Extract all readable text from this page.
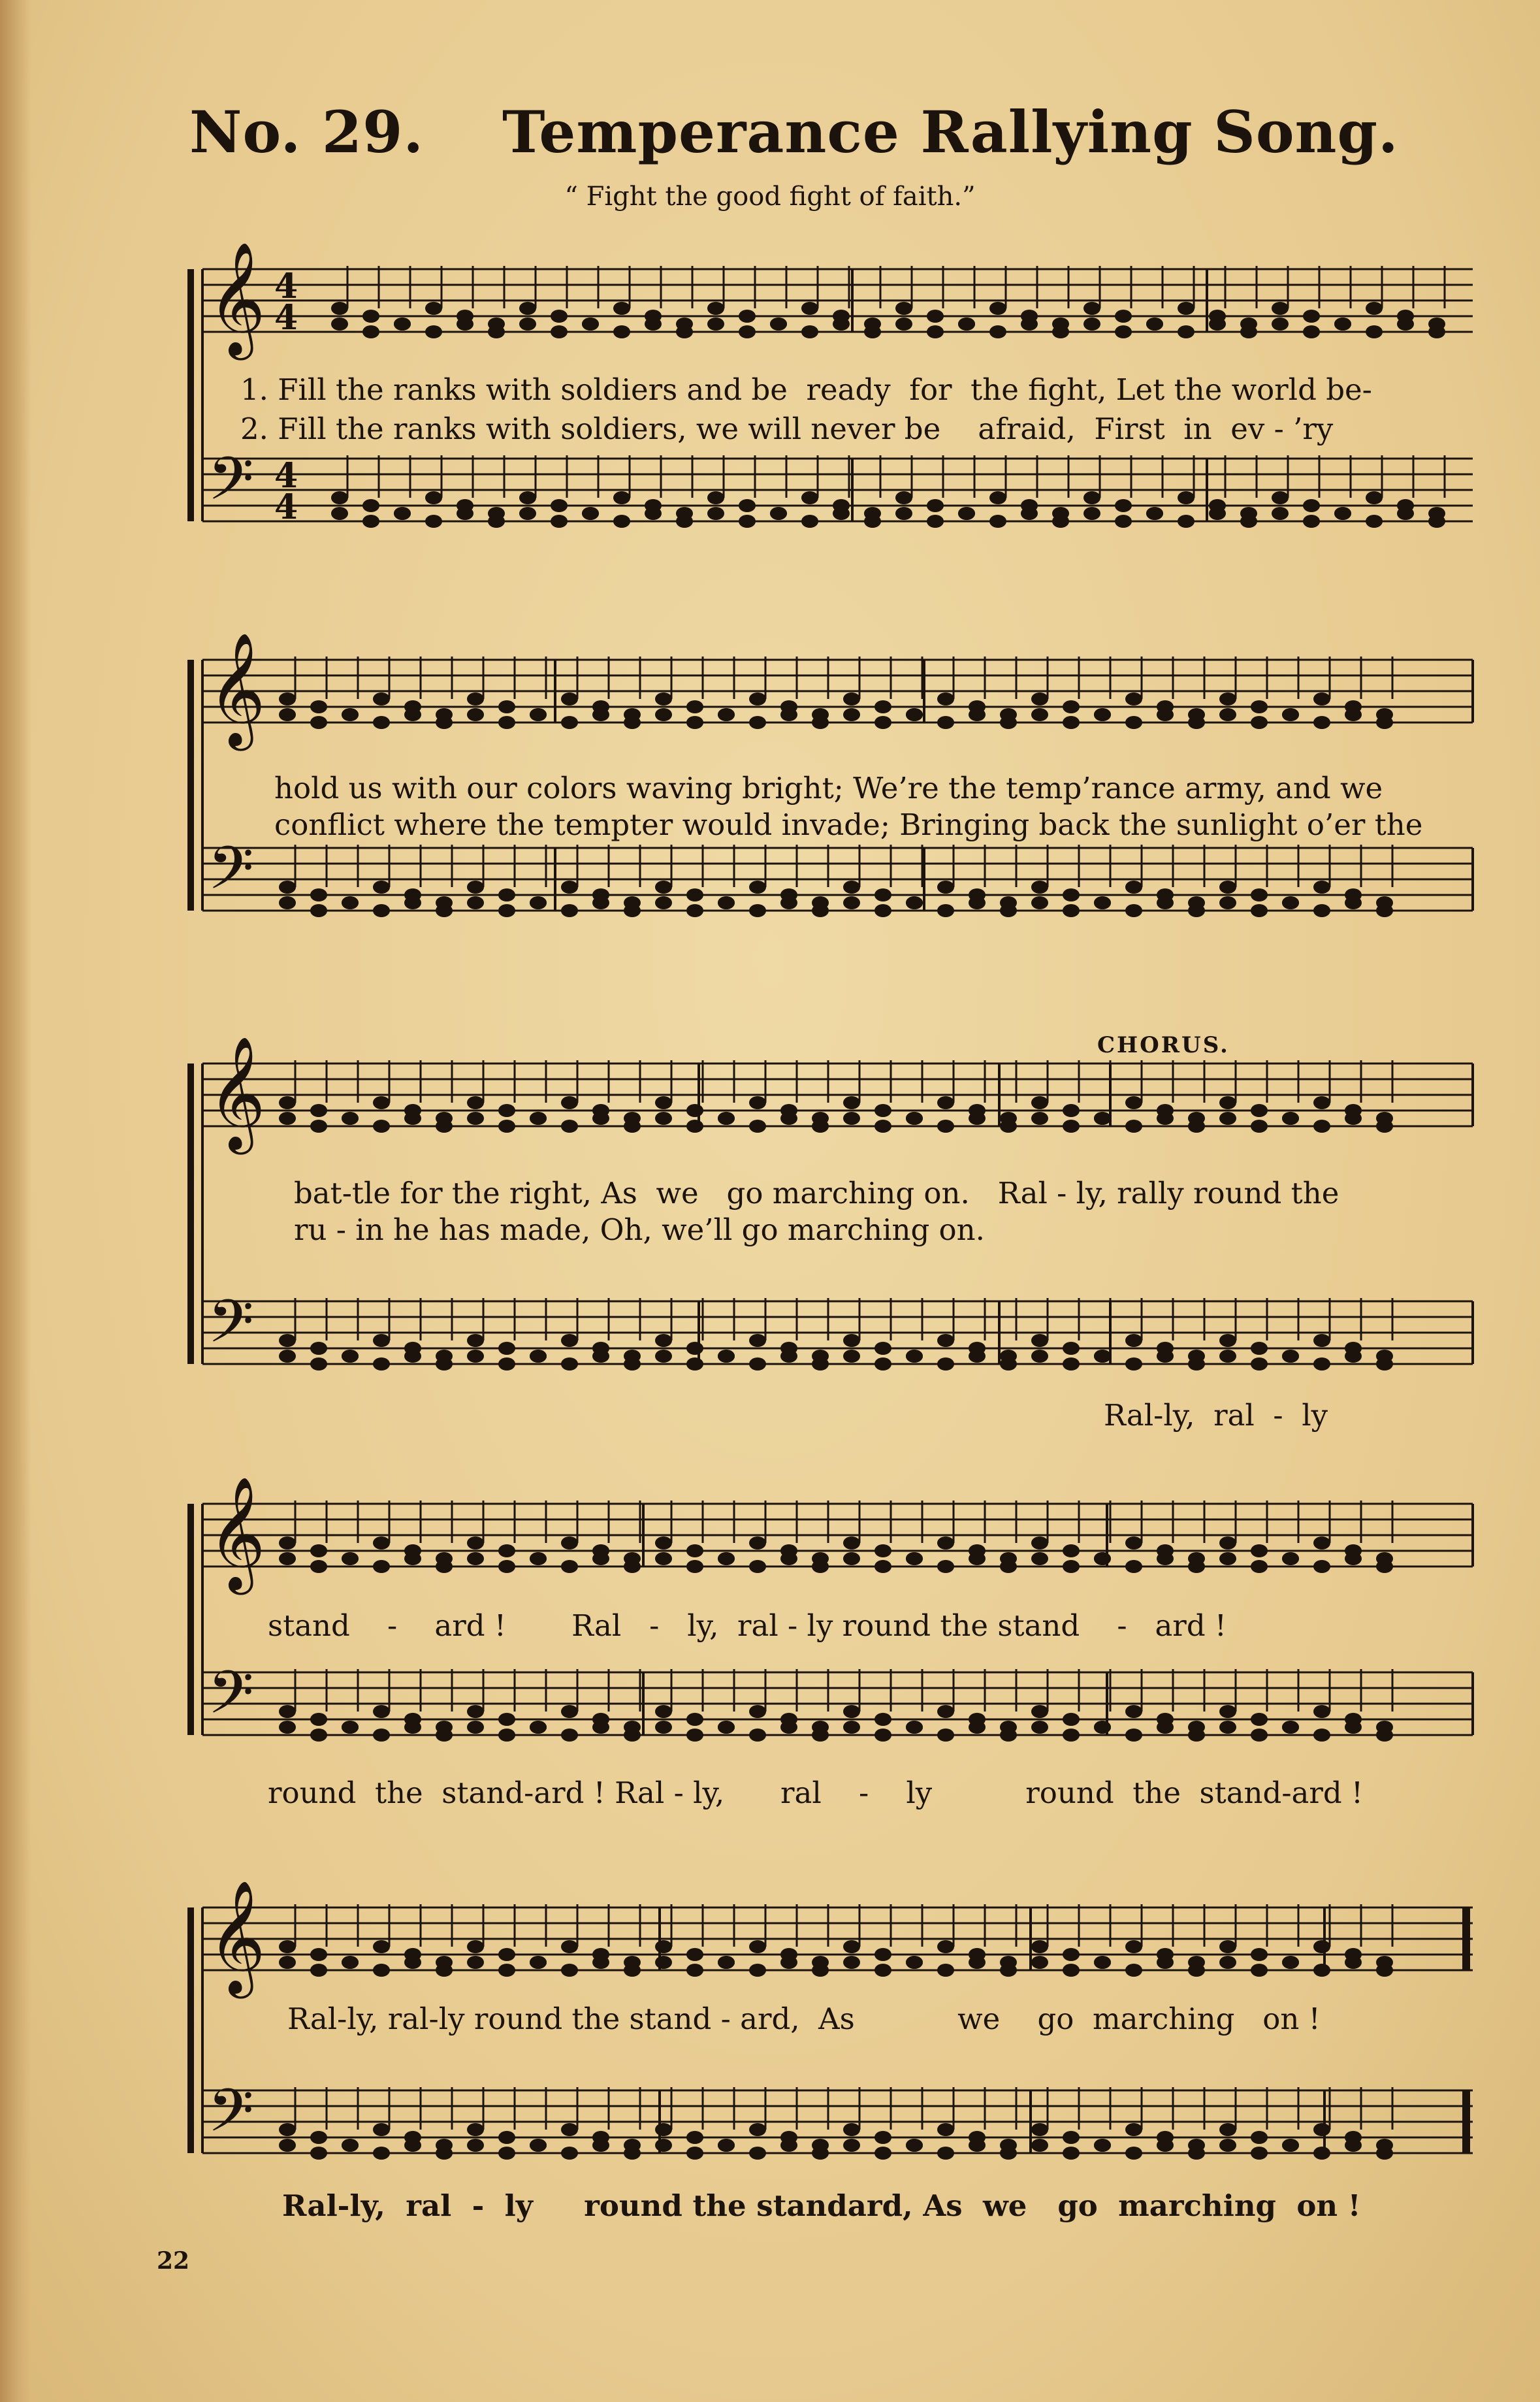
No. 29. Temperance Rallying Song.
“ Fight the good fight of faith.”
𝄞
𝄢
𝄞
𝄢
𝄞
𝄢
𝄞
𝄢
𝄞
𝄢
4
4
4
4
CHORUS.
1. Fill the ranks with soldiers and be  ready  for  the fight, Let the world be-
2. Fill the ranks with soldiers, we will never be    afraid,  First  in  ev - ’ry
hold us with our colors waving bright; We’re the temp’rance army, and we
conflict where the tempter would invade; Bringing back the sunlight o’er the
bat-tle for the right, As  we   go marching on.   Ral - ly, rally round the
ru - in he has made, Oh, we’ll go marching on.
Ral-ly,  ral  -  ly
stand    -    ard !       Ral   -   ly,  ral - ly round the stand    -   ard !
round  the  stand-ard ! Ral - ly,      ral    -    ly          round  the  stand-ard !
Ral-ly, ral-ly round the stand - ard,  As           we    go  marching   on !
Ral-ly,  ral  -  ly     round the standard, As  we   go  marching  on !
22
